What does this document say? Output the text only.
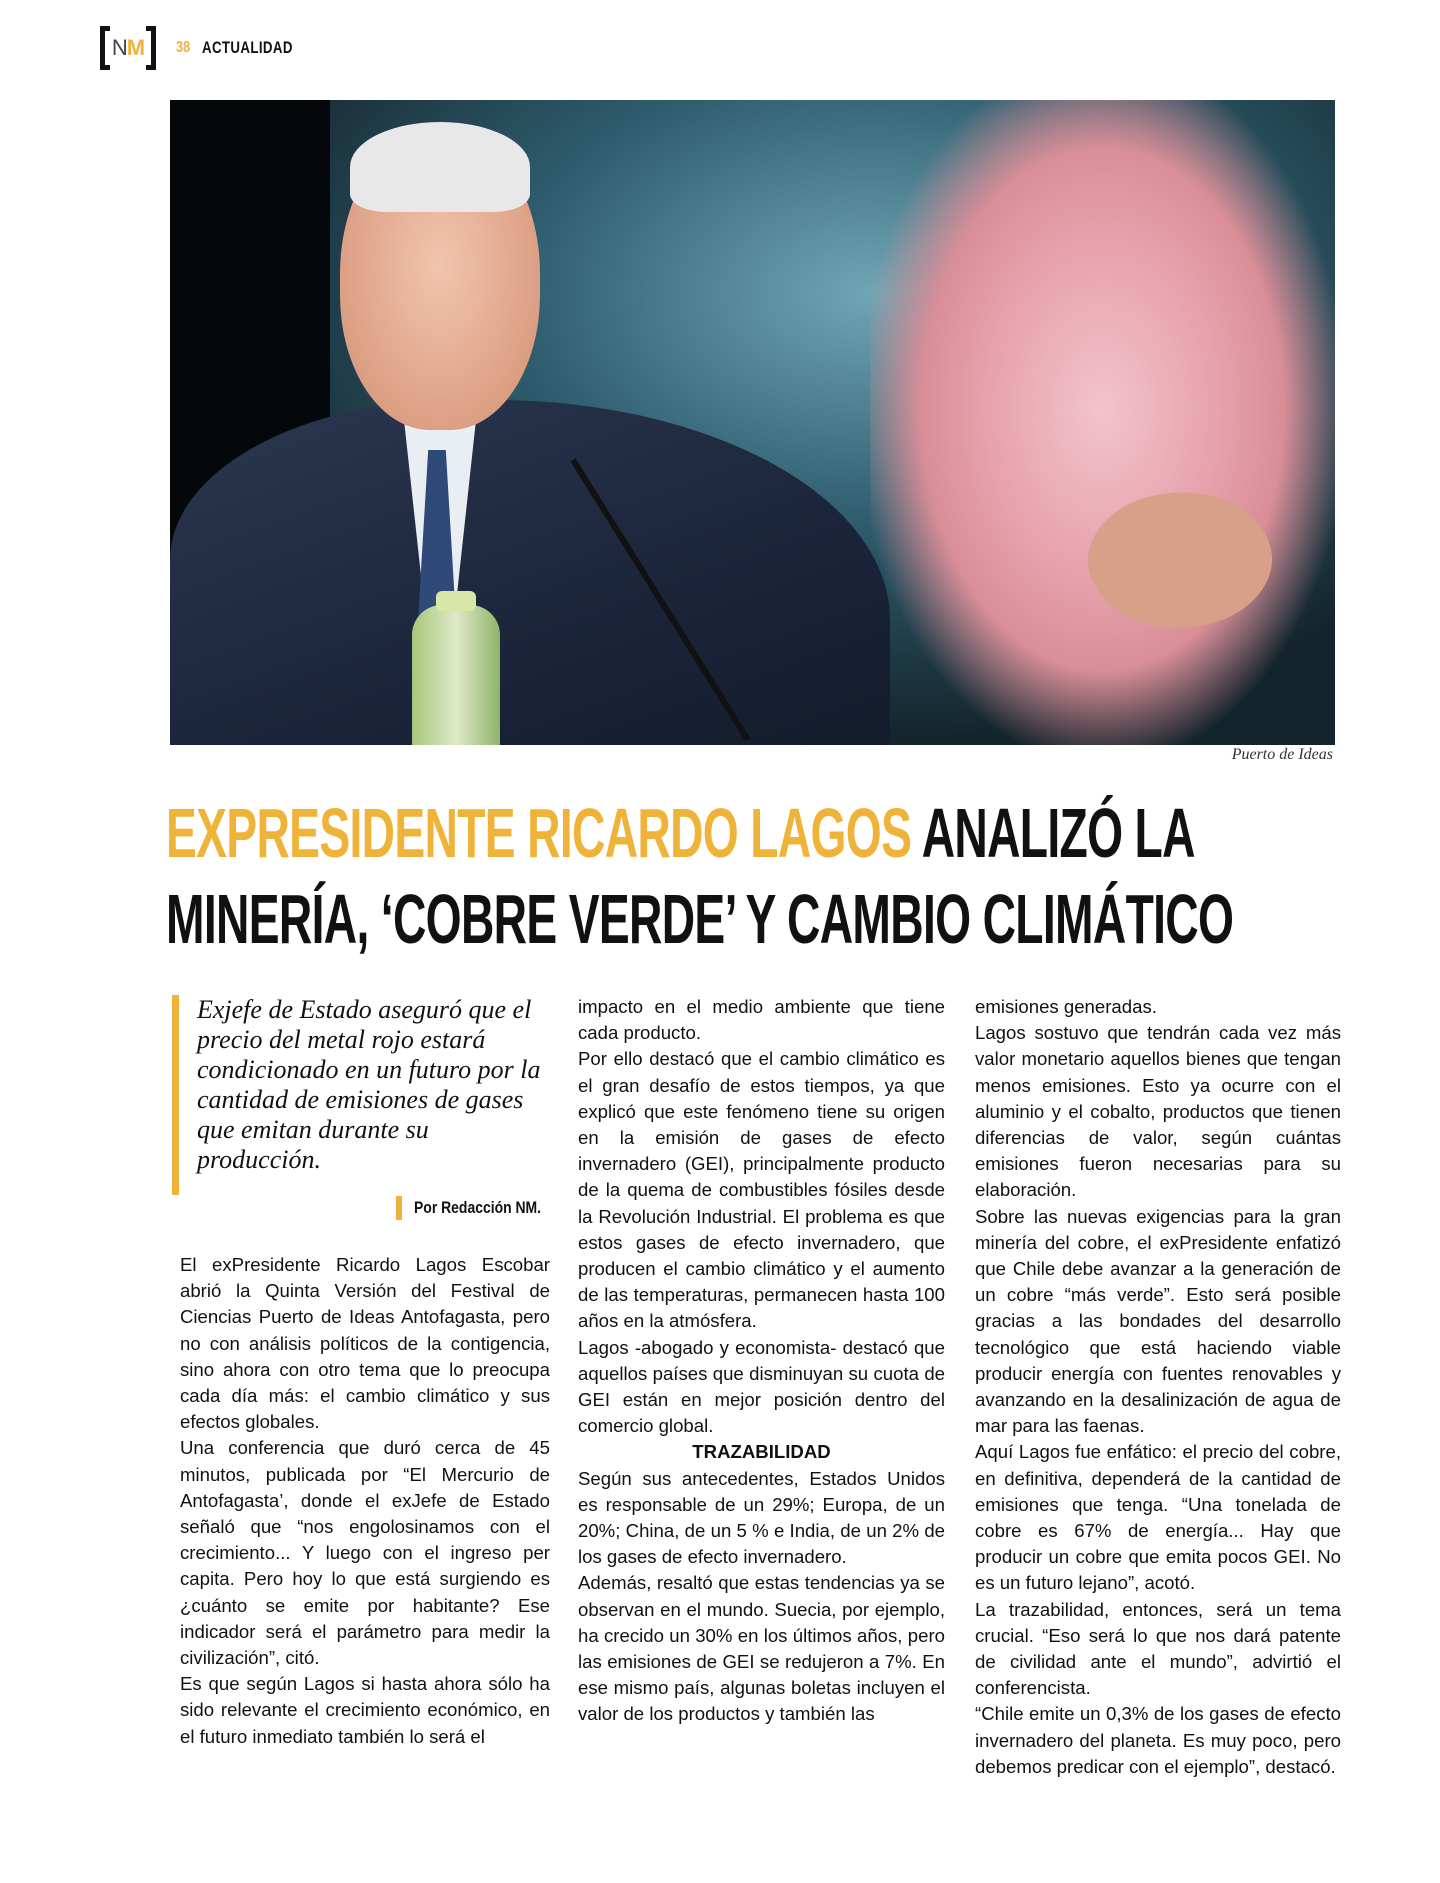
NM 38 ACTUALIDAD
Puerto de Ideas
EXPRESIDENTE RICARDO LAGOS ANALIZÓ LA
MINERÍA, ‘COBRE VERDE’ Y CAMBIO CLIMÁTICO
Exjefe de Estado aseguró que el precio del metal rojo estará condicionado en un futuro por la cantidad de emisiones de gases que emitan durante su producción.
Por Redacción NM.

El exPresidente Ricardo Lagos Escobar abrió la Quinta Versión del Festival de Ciencias Puerto de Ideas Antofagasta, pero no con análisis políticos de la contigencia, sino ahora con otro tema que lo preocupa cada día más: el cambio climático y sus efectos globales.

Una conferencia que duró cerca de 45 minutos, publicada por “El Mercurio de Antofagasta’, donde el exJefe de Estado señaló que “nos engolosinamos con el crecimiento... Y luego con el ingreso per capita. Pero hoy lo que está surgiendo es ¿cuánto se emite por habitante? Ese indicador será el parámetro para medir la civilización”, citó.

Es que según Lagos si hasta ahora sólo ha sido relevante el crecimiento económico, en el futuro inmediato también lo será el

impacto en el medio ambiente que tiene cada producto.

Por ello destacó que el cambio climático es el gran desafío de estos tiempos, ya que explicó que este fenómeno tiene su origen en la emisión de gases de efecto invernadero (GEI), principalmente producto de la quema de combustibles fósiles desde la Revolución Industrial. El problema es que estos gases de efecto invernadero, que producen el cambio climático y el aumento de las temperaturas, permanecen hasta 100 años en la atmósfera.

Lagos -abogado y economista- destacó que aquellos países que disminuyan su cuota de GEI están en mejor posición dentro del comercio global.

TRAZABILIDAD

Según sus antecedentes, Estados Unidos es responsable de un 29%; Europa, de un 20%; China, de un 5 % e India, de un 2% de los gases de efecto invernadero.

Además, resaltó que estas tendencias ya se observan en el mundo. Suecia, por ejemplo, ha crecido un 30% en los últimos años, pero las emisiones de GEI se redujeron a 7%. En ese mismo país, algunas boletas incluyen el valor de los productos y también las

emisiones generadas.

Lagos sostuvo que tendrán cada vez más valor monetario aquellos bienes que tengan menos emisiones. Esto ya ocurre con el aluminio y el cobalto, productos que tienen diferencias de valor, según cuántas emisiones fueron necesarias para su elaboración.

Sobre las nuevas exigencias para la gran minería del cobre, el exPresidente enfatizó que Chile debe avanzar a la generación de un cobre “más verde”. Esto será posible gracias a las bondades del desarrollo tecnológico que está haciendo viable producir energía con fuentes renovables y avanzando en la desalinización de agua de mar para las faenas.

Aquí Lagos fue enfático: el precio del cobre, en definitiva, dependerá de la cantidad de emisiones que tenga. “Una tonelada de cobre es 67% de energía... Hay que producir un cobre que emita pocos GEI. No es un futuro lejano”, acotó.

La trazabilidad, entonces, será un tema crucial. “Eso será lo que nos dará patente de civilidad ante el mundo”, advirtió el conferencista.

“Chile emite un 0,3% de los gases de efecto invernadero del planeta. Es muy poco, pero debemos predicar con el ejemplo”, destacó.
